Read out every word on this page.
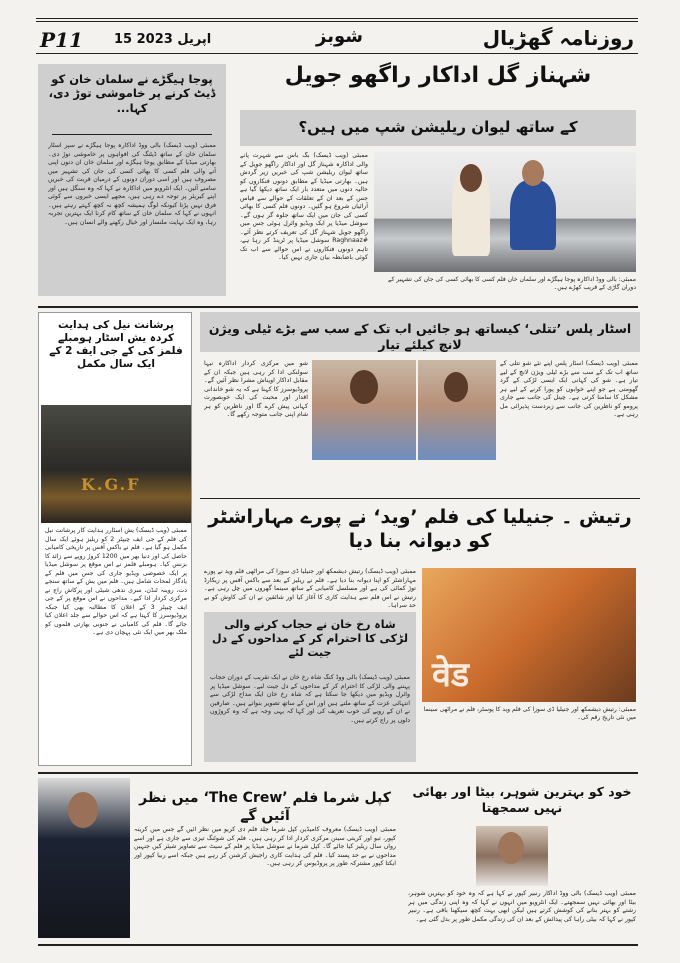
P11 15 اپریل 2023	شوبز	روزنامہ گھڑیال
پوجا ہیگڑے نے سلمان خان کو ڈیٹ کرنے پر خاموشی توڑ دی، کہا...
ممبئی (ویب ڈیسک) بالی ووڈ اداکارہ پوجا ہیگڑے نے سپر اسٹار سلمان خان کے ساتھ ڈیٹنگ کی افواہوں پر خاموشی توڑ دی۔ بھارتی میڈیا کے مطابق پوجا ہیگڑے اور سلمان خان ان دنوں اپنی آنے والی فلم کسی کا بھائی کسی کی جان کی تشہیر میں مصروف ہیں اور اسی دوران دونوں کے درمیان قربت کی خبریں سامنے آئیں۔ ایک انٹرویو میں اداکارہ نے کہا کہ وہ سنگل ہیں اور اپنے کیریئر پر توجہ دے رہی ہیں، مجھے ایسی خبروں سے کوئی فرق نہیں پڑتا کیونکہ لوگ ہمیشہ کچھ نہ کچھ کہتے رہتے ہیں۔ انہوں نے کہا کہ سلمان خان کے ساتھ کام کرنا ایک بہترین تجربہ رہا، وہ ایک نہایت ملنسار اور خیال رکھنے والے انسان ہیں۔
شہناز گل اداکار راگھو جویل
کے ساتھ لیوان ریلیشن شپ میں ہیں؟
ممبئی (ویب ڈیسک) بگ باس سے شہرت پانے والی اداکارہ شہناز گل اور اداکار راگھو جویل کے ساتھ لیوان ریلیشن شپ کی خبریں زیر گردش ہیں۔ بھارتی میڈیا کے مطابق دونوں فنکاروں کو حالیہ دنوں میں متعدد بار ایک ساتھ دیکھا گیا ہے جس کے بعد ان کے تعلقات کے حوالے سے قیاس آرائیاں شروع ہو گئیں۔ دونوں فلم کسی کا بھائی کسی کی جان میں ایک ساتھ جلوہ گر ہوں گے۔ سوشل میڈیا پر ایک ویڈیو وائرل ہوئی جس میں راگھو جویل شہناز گل کی تعریف کرتے نظر آئے۔ #Raghnaaz سوشل میڈیا پر ٹرینڈ کر رہا ہے، تاہم دونوں فنکاروں نے اس حوالے سے اب تک کوئی باضابطہ بیان جاری نہیں کیا۔
ممبئی: بالی ووڈ اداکارہ پوجا ہیگڑے اور سلمان خان فلم کسی کا بھائی کسی کی جان کی تشہیر کے دوران گاڑی کے قریب کھڑے ہیں۔
پرشانت نیل کی ہدایت کردہ یش اسٹار ہومبلے فلمز کی کے جی ایف 2 کے ایک سال مکمل
K.G.F
ممبئی (ویب ڈیسک) یش اسٹارر ہدایت کار پرشانت نیل کی فلم کے جی ایف چیپٹر 2 کو ریلیز ہوئے ایک سال مکمل ہو گیا ہے۔ فلم نے باکس آفس پر تاریخی کامیابی حاصل کی اور دنیا بھر میں 1200 کروڑ روپے سے زائد کا بزنس کیا۔ ہومبلے فلمز نے اس موقع پر سوشل میڈیا پر ایک خصوصی ویڈیو جاری کی جس میں فلم کے یادگار لمحات شامل ہیں۔ فلم میں یش کے ساتھ سنجے دت، روینہ ٹنڈن، سری ندھی شیٹی اور پرکاش راج نے مرکزی کردار ادا کیے۔ مداحوں نے اس موقع پر کے جی ایف چیپٹر 3 کے اعلان کا مطالبہ بھی کیا جبکہ پروڈیوسرز کا کہنا ہے کہ اس حوالے سے جلد اعلان کیا جائے گا۔ فلم کی کامیابی نے جنوبی بھارتی فلموں کو ملک بھر میں ایک نئی پہچان دی ہے۔
اسٹار پلس ’تتلی‘ کیساتھ ہو جائیں اب تک کے سب سے بڑے ٹیلی ویژن لانچ کیلئے تیار
ممبئی (ویب ڈیسک) اسٹار پلس اپنے نئے شو تتلی کے ساتھ اب تک کے سب سے بڑے ٹیلی ویژن لانچ کے لیے تیار ہے۔ شو کی کہانی ایک ایسی لڑکی کے گرد گھومتی ہے جو اپنے خوابوں کو پورا کرنے کے لیے ہر مشکل کا سامنا کرتی ہے۔ چینل کی جانب سے جاری پرومو کو ناظرین کی جانب سے زبردست پذیرائی مل رہی ہے۔
شو میں مرکزی کردار اداکارہ نیہا سولنکی ادا کر رہی ہیں جبکہ ان کے مقابل اداکار اویناش مشرا نظر آئیں گے۔ پروڈیوسرز کا کہنا ہے کہ یہ شو خاندانی اقدار اور محبت کی ایک خوبصورت کہانی پیش کرے گا اور ناظرین کو ہر شام اپنی جانب متوجہ رکھے گا۔
رتیش ۔ جنیلیا کی فلم ’وید‘ نے پورے مہاراشٹر کو دیوانہ بنا دیا
वेड
ممبئی: رتیش دیشمکھ اور جنیلیا ڈی سوزا کی فلم وید کا پوسٹر، فلم نے مراٹھی سینما میں نئی تاریخ رقم کی۔
ممبئی (ویب ڈیسک) رتیش دیشمکھ اور جنیلیا ڈی سوزا کی مراٹھی فلم وید نے پورے مہاراشٹر کو اپنا دیوانہ بنا دیا ہے۔ فلم نے ریلیز کے بعد سے باکس آفس پر ریکارڈ توڑ کمائی کی ہے اور مسلسل کامیابی کے ساتھ سینما گھروں میں چل رہی ہے۔ رتیش نے اس فلم سے ہدایت کاری کا آغاز کیا اور شائقین نے ان کی کاوش کو بے حد سراہا۔
شاہ رخ خان نے حجاب کرنے والی لڑکی کا احترام کر کے مداحوں کے دل جیت لئے
ممبئی (ویب ڈیسک) بالی ووڈ کنگ شاہ رخ خان نے ایک تقریب کے دوران حجاب پہننے والی لڑکی کا احترام کر کے مداحوں کے دل جیت لیے۔ سوشل میڈیا پر وائرل ویڈیو میں دیکھا جا سکتا ہے کہ شاہ رخ خان ایک مداح لڑکی سے انتہائی عزت کے ساتھ ملتے ہیں اور اس کے ساتھ تصویر بنواتے ہیں۔ صارفین نے ان کے رویے کی خوب تعریف کی اور کہا کہ یہی وجہ ہے کہ وہ کروڑوں دلوں پر راج کرتے ہیں۔
کپل شرما فلم ’The Crew‘ میں نظر آئیں گے
ممبئی (ویب ڈیسک) معروف کامیڈین کپل شرما جلد فلم دی کریو میں نظر آئیں گے جس میں کرینہ کپور، تبو اور کریتی سینن مرکزی کردار ادا کر رہی ہیں۔ فلم کی شوٹنگ تیزی سے جاری ہے اور اسے رواں سال ریلیز کیا جائے گا۔ کپل شرما نے سوشل میڈیا پر فلم کے سیٹ سے تصاویر شیئر کیں جنہیں مداحوں نے بے حد پسند کیا۔ فلم کی ہدایت کاری راجیش کرشنن کر رہے ہیں جبکہ اسے ربیا کپور اور ایکتا کپور مشترکہ طور پر پروڈیوس کر رہی ہیں۔
خود کو بہترین شوہر، بیٹا اور بھائی نہیں سمجھتا
ممبئی (ویب ڈیسک) بالی ووڈ اداکار رنبیر کپور نے کہا ہے کہ وہ خود کو بہترین شوہر، بیٹا اور بھائی نہیں سمجھتے۔ ایک انٹرویو میں انہوں نے کہا کہ وہ اپنی زندگی میں ہر رشتے کو بہتر بنانے کی کوشش کرتے ہیں لیکن ابھی بہت کچھ سیکھنا باقی ہے۔ رنبیر کپور نے کہا کہ بیٹی راہا کی پیدائش کے بعد ان کی زندگی مکمل طور پر بدل گئی ہے۔
